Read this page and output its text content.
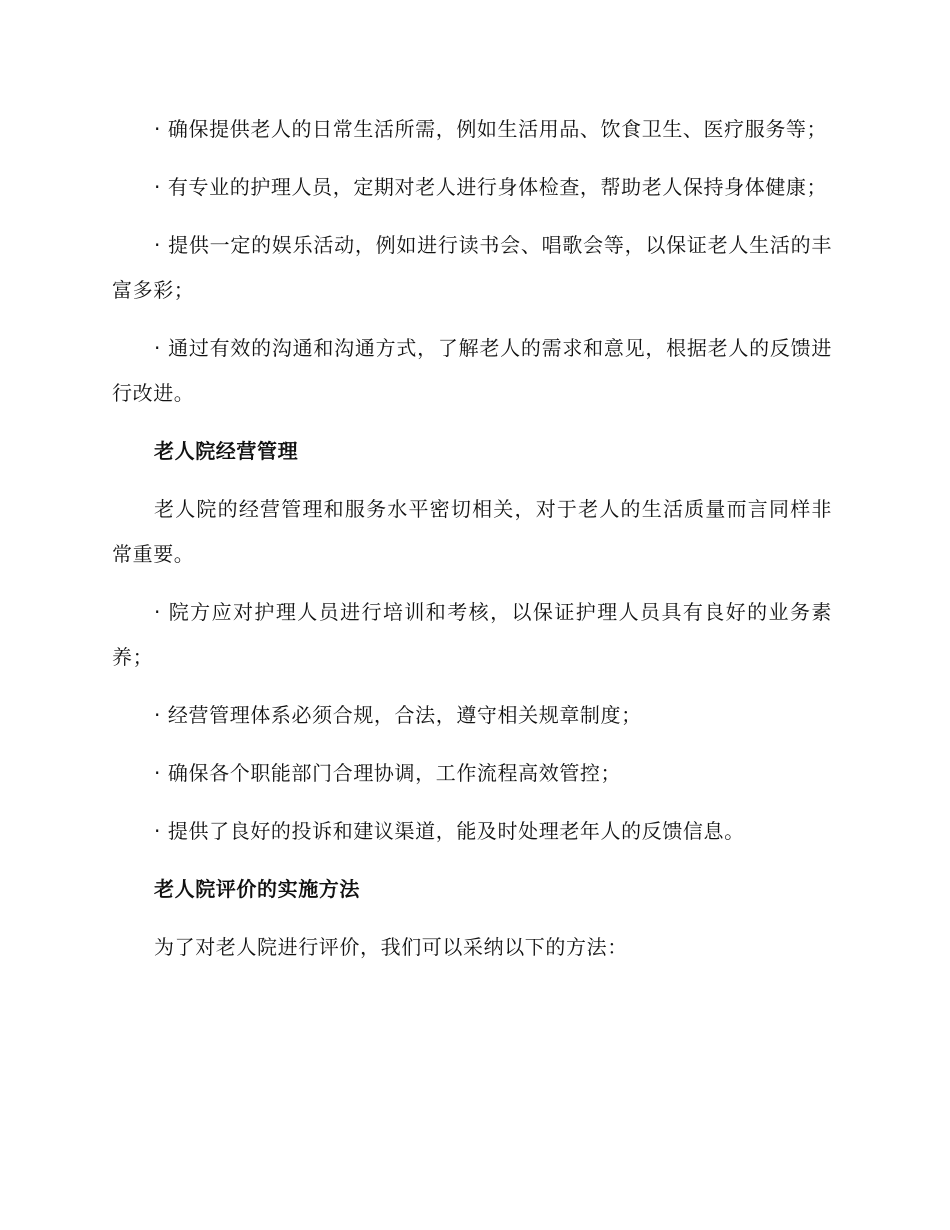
· 确保提供老人的日常生活所需，例如生活用品、饮食卫生、医疗服务等；

· 有专业的护理人员，定期对老人进行身体检查，帮助老人保持身体健康；

· 提供一定的娱乐活动，例如进行读书会、唱歌会等，以保证老人生活的丰富多彩；

· 通过有效的沟通和沟通方式，了解老人的需求和意见，根据老人的反馈进行改进。

老人院经营管理

老人院的经营管理和服务水平密切相关，对于老人的生活质量而言同样非常重要。

· 院方应对护理人员进行培训和考核，以保证护理人员具有良好的业务素养；

· 经营管理体系必须合规，合法，遵守相关规章制度；

· 确保各个职能部门合理协调，工作流程高效管控；

· 提供了良好的投诉和建议渠道，能及时处理老年人的反馈信息。

老人院评价的实施方法

为了对老人院进行评价，我们可以采纳以下的方法：
